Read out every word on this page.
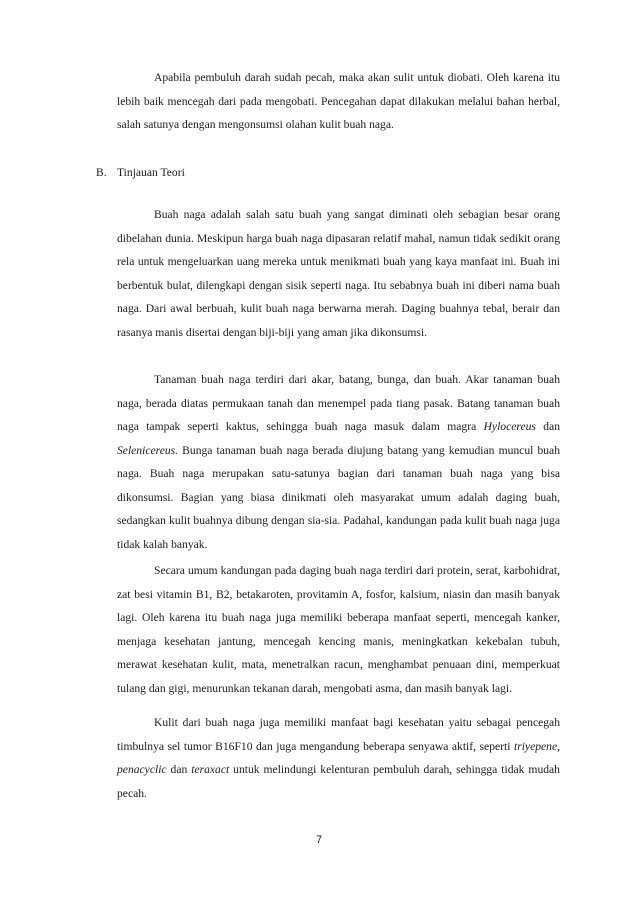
Apabila pembuluh darah sudah pecah, maka akan sulit untuk diobati. Oleh karena itu lebih baik mencegah dari pada mengobati. Pencegahan dapat dilakukan melalui bahan herbal, salah satunya dengan mengonsumsi olahan kulit buah naga.

B. Tinjauan Teori

Buah naga adalah salah satu buah yang sangat diminati oleh sebagian besar orang dibelahan dunia. Meskipun harga buah naga dipasaran relatif mahal, namun tidak sedikit orang rela untuk mengeluarkan uang mereka untuk menikmati buah yang kaya manfaat ini. Buah ini berbentuk bulat, dilengkapi dengan sisik seperti naga. Itu sebabnya buah ini diberi nama buah naga. Dari awal berbuah, kulit buah naga berwarna merah. Daging buahnya tebal, berair dan rasanya manis disertai dengan biji-biji yang aman jika dikonsumsi.

Tanaman buah naga terdiri dari akar, batang, bunga, dan buah. Akar tanaman buah naga, berada diatas permukaan tanah dan menempel pada tiang pasak. Batang tanaman buah naga tampak seperti kaktus, sehingga buah naga masuk dalam magra Hylocereus dan Selenicereus. Bunga tanaman buah naga berada diujung batang yang kemudian muncul buah naga. Buah naga merupakan satu-satunya bagian dari tanaman buah naga yang bisa dikonsumsi. Bagian yang biasa dinikmati oleh masyarakat umum adalah daging buah, sedangkan kulit buahnya dibung dengan sia-sia. Padahal, kandungan pada kulit buah naga juga tidak kalah banyak.

Secara umum kandungan pada daging buah naga terdiri dari protein, serat, karbohidrat, zat besi vitamin B1, B2, betakaroten, provitamin A, fosfor, kalsium, niasin dan masih banyak lagi. Oleh karena itu buah naga juga memiliki beberapa manfaat seperti, mencegah kanker, menjaga kesehatan jantung, mencegah kencing manis, meningkatkan kekebalan tubuh, merawat kesehatan kulit, mata, menetralkan racun, menghambat penuaan dini, memperkuat tulang dan gigi, menurunkan tekanan darah, mengobati asma, dan masih banyak lagi.

Kulit dari buah naga juga memiliki manfaat bagi kesehatan yaitu sebagai pencegah timbulnya sel tumor B16F10 dan juga mengandung beberapa senyawa aktif, seperti triyepene, penacyclic dan teraxact untuk melindungi kelenturan pembuluh darah, sehingga tidak mudah pecah.

7
